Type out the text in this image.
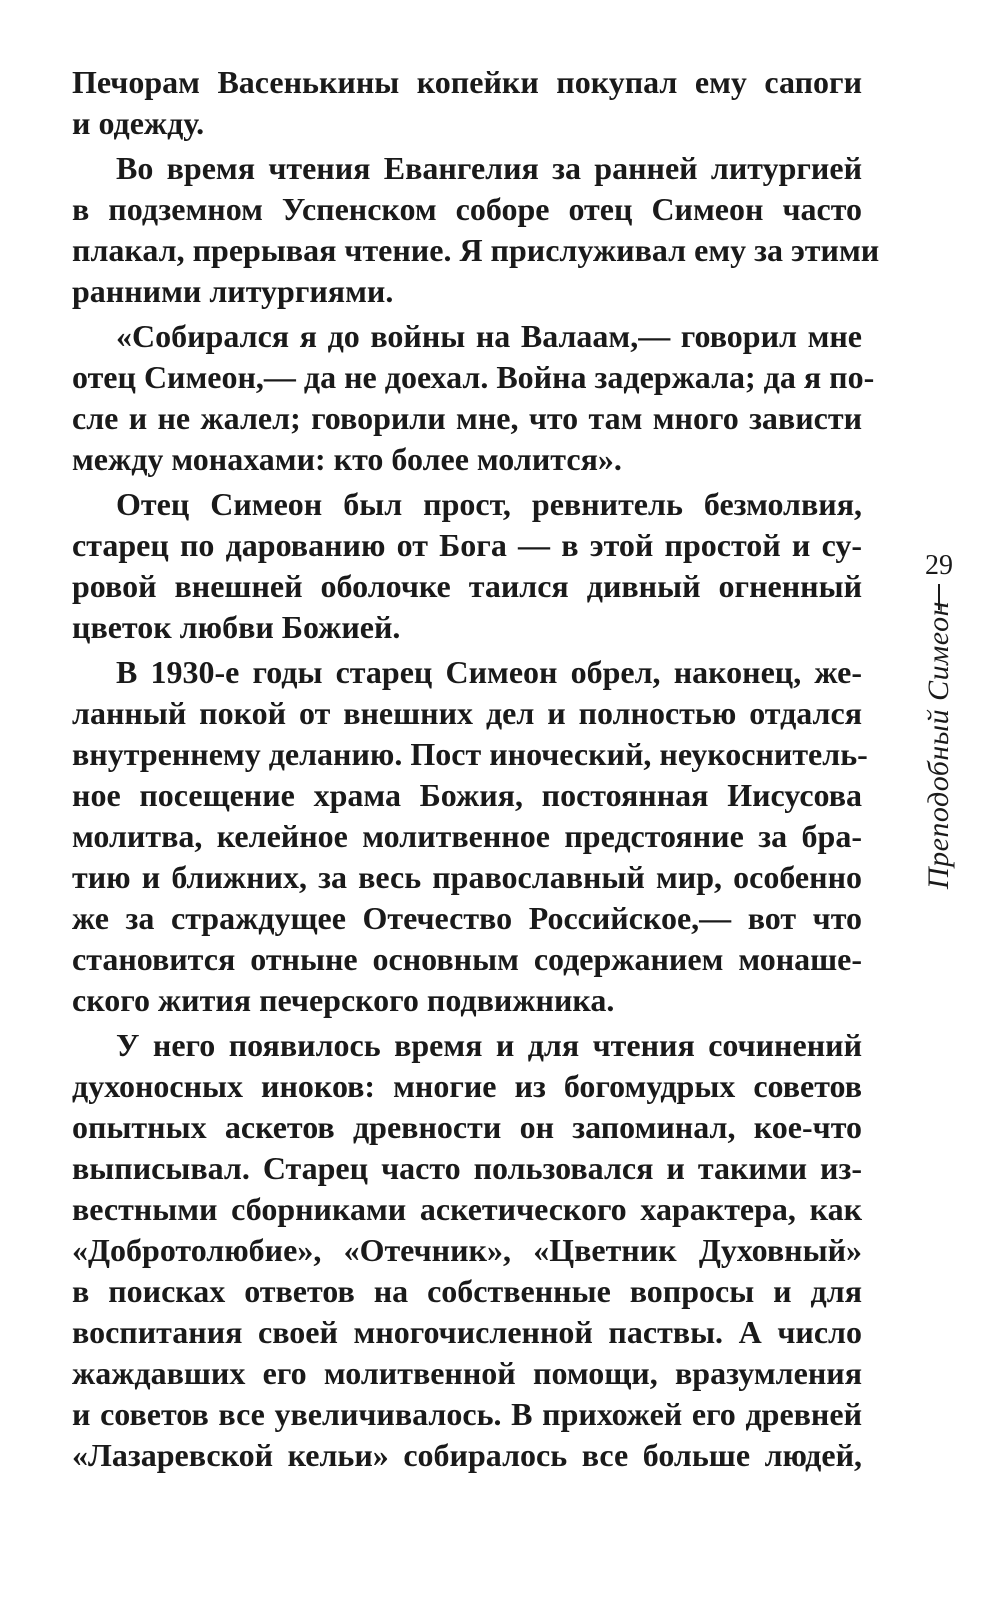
Печорам Васенькины копейки покупал ему сапоги
и одежду.
Во время чтения Евангелия за ранней литургией
в подземном Успенском соборе отец Симеон часто
плакал, прерывая чтение. Я прислуживал ему за этими
ранними литургиями.
«Собирался я до войны на Валаам,— говорил мне
отец Симеон,— да не доехал. Война задержала; да я по-
сле и не жалел; говорили мне, что там много зависти
между монахами: кто более молится».
Отец Симеон был прост, ревнитель безмолвия,
старец по дарованию от Бога — в этой простой и су-
ровой внешней оболочке таился дивный огненный
цветок любви Божией.
В 1930-е годы старец Симеон обрел, наконец, же-
ланный покой от внешних дел и полностью отдался
внутреннему деланию. Пост иноческий, неукоснитель-
ное посещение храма Божия, постоянная Иисусова
молитва, келейное молитвенное предстояние за бра-
тию и ближних, за весь православный мир, особенно
же за страждущее Отечество Российское,— вот что
становится отныне основным содержанием монаше-
ского жития печерского подвижника.
У него появилось время и для чтения сочинений
духоносных иноков: многие из богомудрых советов
опытных аскетов древности он запоминал, кое-что
выписывал. Старец часто пользовался и такими из-
вестными сборниками аскетического характера, как
«Добротолюбие», «Отечник», «Цветник Духовный»
в поисках ответов на собственные вопросы и для
воспитания своей многочисленной паствы. А число
жаждавших его молитвенной помощи, вразумления
и советов все увеличивалось. В прихожей его древней
«Лазаревской кельи» собиралось все больше людей,
29
Преподобный Симеон
